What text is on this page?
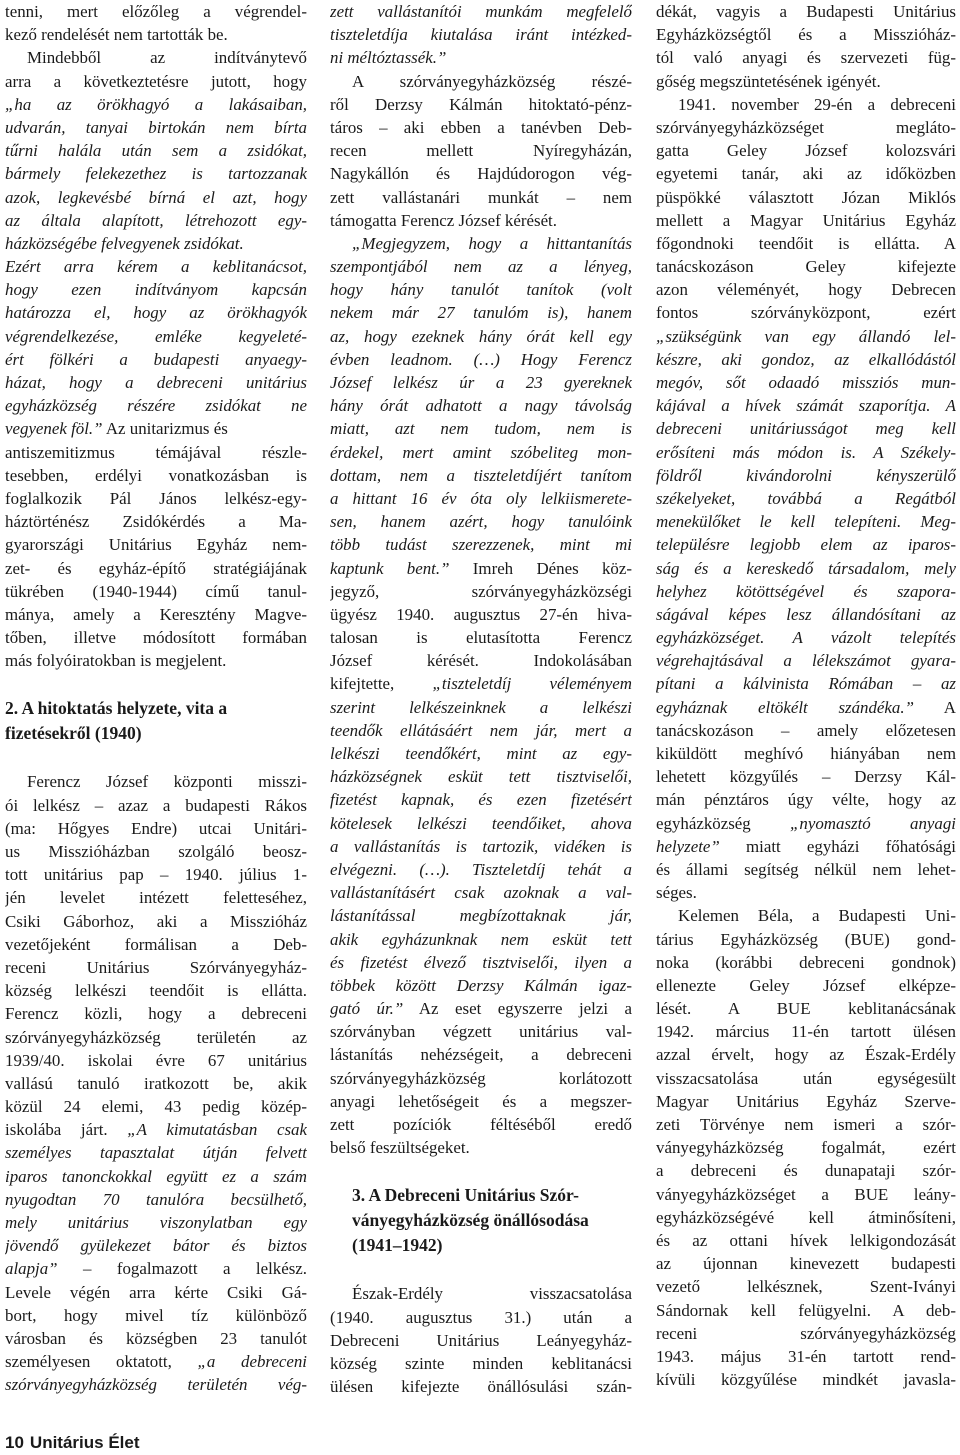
tenni, mert előzőleg a végrendel-
kező rendelését nem tartották be.
Mindebből az indítványtevő
arra a következtetésre jutott, hogy
„ha az örökhagyó a lakásaiban,
udvarán, tanyai birtokán nem bírta
tűrni halála után sem a zsidókat,
bármely felekezethez is tartozzanak
azok, legkevésbé bírná el azt, hogy
az általa alapított, létrehozott egy-
házközségébe felvegyenek zsidókat.
Ezért arra kérem a keblitanácsot,
hogy ezen indítványom kapcsán
határozza el, hogy az örökhagyók
végrendelkezése, emléke kegyeleté-
ért fölkéri a budapesti anyaegy-
házat, hogy a debreceni unitárius
egyházközség részére zsidókat ne
vegyenek föl.” Az unitarizmus és
antiszemitizmus témájával részle-
tesebben, erdélyi vonatkozásban is
foglalkozik Pál János lelkész-egy-
háztörténész Zsidókérdés a Ma-
gyarországi Unitárius Egyház nem-
zet- és egyház-építő stratégiájának
tükrében (1940-1944) című tanul-
mánya, amely a Keresztény Magve-
tőben, illetve módosított formában
más folyóiratokban is megjelent.
2. A hitoktatás helyzete, vita a
fizetésekről (1940)
Ferencz József központi misszi-
ói lelkész – azaz a budapesti Rákos
(ma: Hőgyes Endre) utcai Unitári-
us Misszióházban szolgáló beosz-
tott unitárius pap – 1940. július 1-
jén levelet intézett feletteséhez,
Csiki Gáborhoz, aki a Misszióház
vezetőjeként formálisan a Deb-
receni Unitárius Szórványegyház-
község lelkészi teendőit is ellátta.
Ferencz közli, hogy a debreceni
szórványegyházközség területén az
1939/40. iskolai évre 67 unitárius
vallású tanuló iratkozott be, akik
közül 24 elemi, 43 pedig közép-
iskolába járt. „A kimutatásban csak
személyes tapasztalat útján felvett
iparos tanonckokkal együtt ez a szám
nyugodtan 70 tanulóra becsülhető,
mely unitárius viszonylatban egy
jövendő gyülekezet bátor és biztos
alapja” – fogalmazott a lelkész.
Levele végén arra kérte Csiki Gá-
bort, hogy mivel tíz különböző
városban és községben 23 tanulót
személyesen oktatott, „a debreceni
szórványegyházközség területén vég-
zett vallástanítói munkám megfelelő
tiszteletdíja kiutalása iránt intézked-
ni méltóztassék.”
A szórványegyházközség részé-
ről Derzsy Kálmán hitoktató-pénz-
táros – aki ebben a tanévben Deb-
recen mellett Nyíregyházán,
Nagykállón és Hajdúdorogon vég-
zett vallástanári munkát – nem
támogatta Ferencz József kérését.
„Megjegyzem, hogy a hittantanítás
szempontjából nem az a lényeg,
hogy hány tanulót tanítok (volt
nekem már 27 tanulóm is), hanem
az, hogy ezeknek hány órát kell egy
évben leadnom. (…) Hogy Ferencz
József lelkész úr a 23 gyereknek
hány órát adhatott a nagy távolság
miatt, azt nem tudom, nem is
érdekel, mert amint szóbeliteg mon-
dottam, nem a tiszteletdíjért tanítom
a hittant 16 év óta oly lelkiismerete-
sen, hanem azért, hogy tanulóink
több tudást szerezzenek, mint mi
kaptunk bent.” Imreh Dénes köz-
jegyző, szórványegyházközségi
ügyész 1940. augusztus 27-én hiva-
talosan is elutasította Ferencz
József kérését. Indokolásában
kifejtette, „tiszteletdíj véleményem
szerint lelkészeinknek a lelkészi
teendők ellátásáért nem jár, mert a
lelkészi teendőkért, mint az egy-
házközségnek esküt tett tisztviselői,
fizetést kapnak, és ezen fizetésért
kötelesek lelkészi teendőiket, ahova
a vallástanítás is tartozik, vidéken is
elvégezni. (…). Tiszteletdíj tehát a
vallástanításért csak azoknak a val-
lástanítással megbízottaknak jár,
akik egyházunknak nem esküt tett
és fizetést élvező tisztviselői, ilyen a
többek között Derzsy Kálmán igaz-
gató úr.” Az eset egyszerre jelzi a
szórványban végzett unitárius val-
lástanítás nehézségeit, a debreceni
szórványegyházközség korlátozott
anyagi lehetőségeit és a megszer-
zett pozíciók féltéséből eredő
belső feszültségeket.
3. A Debreceni Unitárius Szór-
ványegyházközség önállósodása
(1941–1942)
Észak-Erdély visszacsatolása
(1940. augusztus 31.) után a
Debreceni Unitárius Leányegyház-
község szinte minden keblitanácsi
ülésen kifejezte önállósulási szán-
dékát, vagyis a Budapesti Unitárius
Egyházközségtől és a Misszióház-
tól való anyagi és szervezeti füg-
gőség megszüntetésének igényét.
1941. november 29-én a debreceni
szórványegyházközséget megláto-
gatta Geley József kolozsvári
egyetemi tanár, aki az időközben
püspökké választott Józan Miklós
mellett a Magyar Unitárius Egyház
főgondnoki teendőit is ellátta. A
tanácskozáson Geley kifejezte
azon véleményét, hogy Debrecen
fontos szórványközpont, ezért
„szükségünk van egy állandó lel-
készre, aki gondoz, az elkallódástól
megóv, sőt odaadó missziós mun-
kájával a hívek számát szaporítja. A
debreceni unitáriusságot meg kell
erősíteni más módon is. A Székely-
földről kivándorolni kényszerülő
székelyeket, továbbá a Regátból
menekülőket le kell telepíteni. Meg-
településre legjobb elem az iparos-
ság és a kereskedő társadalom, mely
helyhez kötöttségével és szapora-
ságával képes lesz állandósítani az
egyházközséget. A vázolt telepítés
végrehajtásával a lélekszámot gyara-
pítani a kálvinista Rómában – az
egyháznak eltökélt szándéka.” A
tanácskozáson – amely előzetesen
kiküldött meghívó hiányában nem
lehetett közgyűlés – Derzsy Kál-
mán pénztáros úgy vélte, hogy az
egyházközség „nyomasztó anyagi
helyzete” miatt egyházi főhatósági
és állami segítség nélkül nem lehet-
séges.
Kelemen Béla, a Budapesti Uni-
tárius Egyházközség (BUE) gond-
noka (korábbi debreceni gondnok)
ellenezte Geley József elképze-
lését. A BUE keblitanácsának
1942. március 11-én tartott ülésen
azzal érvelt, hogy az Észak-Erdély
visszacsatolása után egységesült
Magyar Unitárius Egyház Szerve-
zeti Törvénye nem ismeri a szór-
ványegyházközség fogalmát, ezért
a debreceni és dunapataji szór-
ványegyházközséget a BUE leány-
egyházközségévé kell átminősíteni,
és az ottani hívek lelkigondozását
az újonnan kinevezett budapesti
vezető lelkésznek, Szent-Iványi
Sándornak kell felügyelni. A deb-
receni szórványegyházközség
1943. május 31-én tartott rend-
kívüli közgyűlése mindkét javasla-
10 Unitárius Élet
